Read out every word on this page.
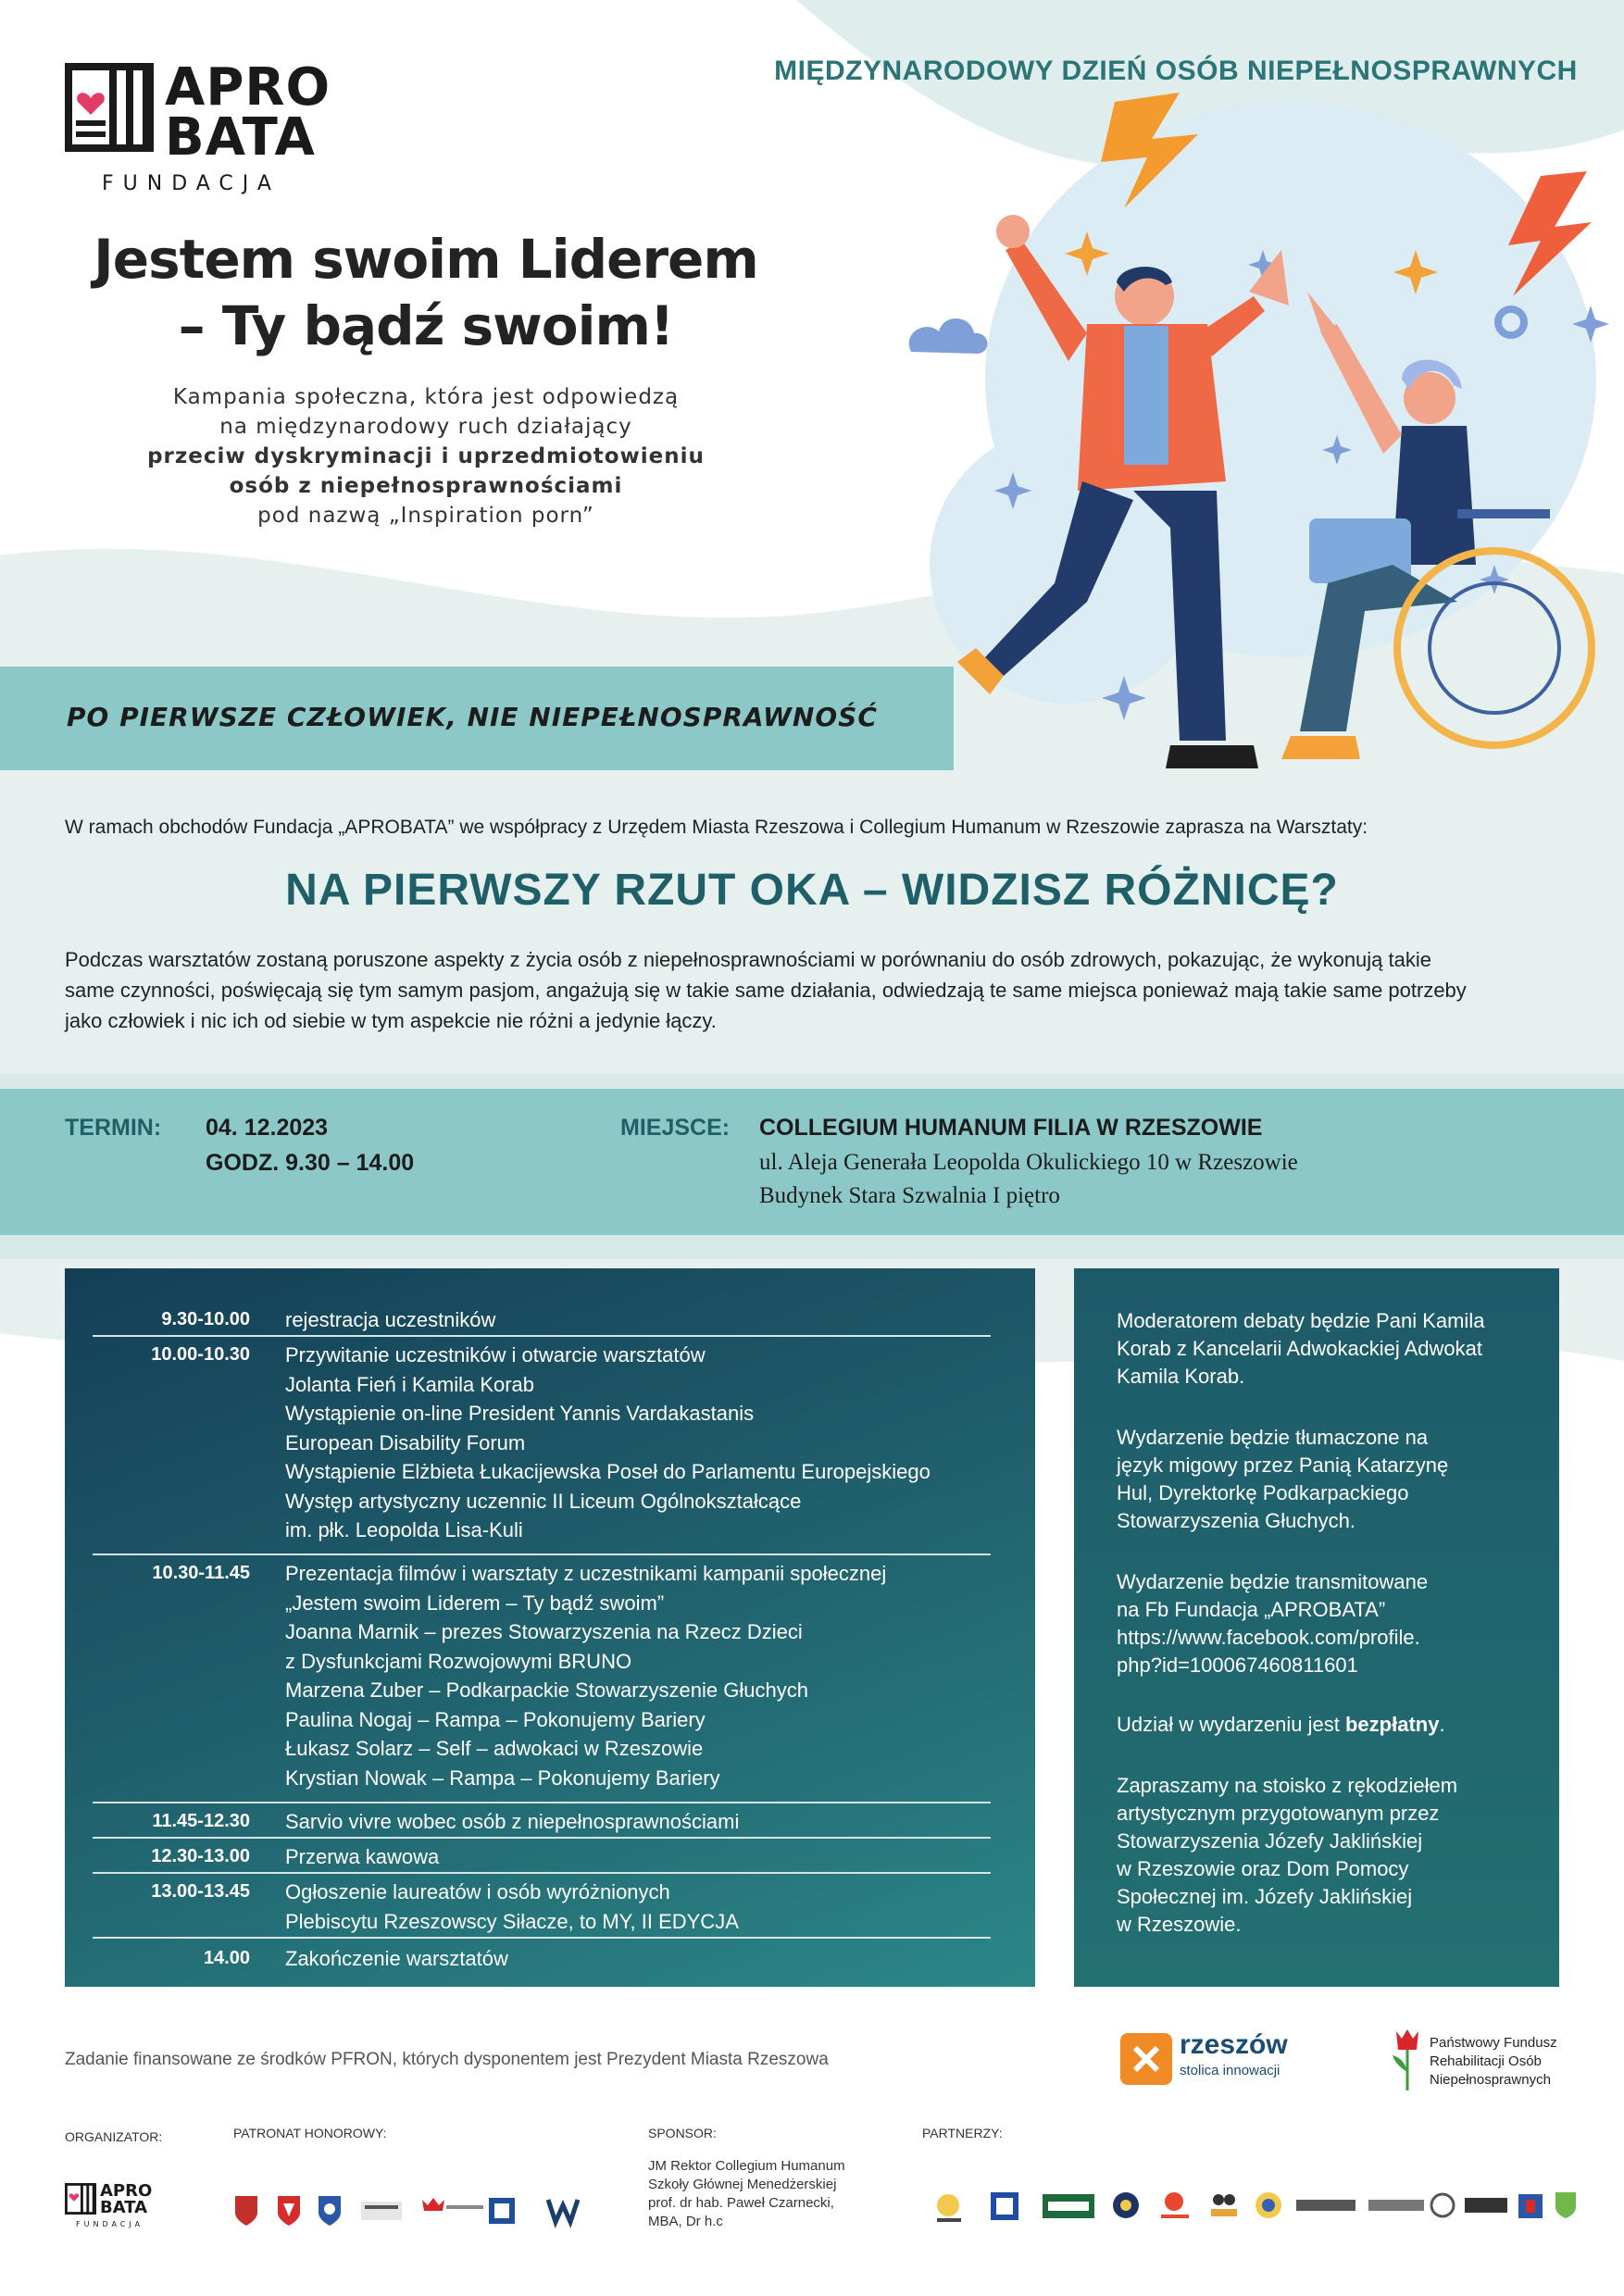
APRO
BATA
FUNDACJA
MIĘDZYNARODOWY DZIEŃ OSÓB NIEPEŁNOSPRAWNYCH
Jestem swoim Liderem
– Ty bądź swoim!
Kampania społeczna, która jest odpowiedzą
na międzynarodowy ruch działający
przeciw dyskryminacji i uprzedmiotowieniu
osób z niepełnosprawnościami
pod nazwą „Inspiration porn”
PO PIERWSZE CZŁOWIEK, NIE NIEPEŁNOSPRAWNOŚĆ
W ramach obchodów Fundacja „APROBATA” we współpracy z Urzędem Miasta Rzeszowa i Collegium Humanum w Rzeszowie zaprasza na Warsztaty:
NA PIERWSZY RZUT OKA – WIDZISZ RÓŻNICĘ?
Podczas warsztatów zostaną poruszone aspekty z życia osób z niepełnosprawnościami w porównaniu do osób zdrowych, pokazując, że wykonują takie
same czynności, poświęcają się tym samym pasjom, angażują się w takie same działania, odwiedzają te same miejsca ponieważ mają takie same potrzeby
jako człowiek i nic ich od siebie w tym aspekcie nie różni a jedynie łączy.
TERMIN: 04. 12.2023
GODZ. 9.30 – 14.00
MIEJSCE: COLLEGIUM HUMANUM FILIA W RZESZOWIE
ul. Aleja Generała Leopolda Okulickiego 10 w Rzeszowie
Budynek Stara Szwalnia I piętro
9.30-10.00 rejestracja uczestników
10.00-10.30 Przywitanie uczestników i otwarcie warsztatów
Jolanta Fień i Kamila Korab
Wystąpienie on-line President Yannis Vardakastanis
European Disability Forum
Wystąpienie Elżbieta Łukacijewska Poseł do Parlamentu Europejskiego
Występ artystyczny uczennic II Liceum Ogólnokształcące
im. płk. Leopolda Lisa-Kuli
10.30-11.45 Prezentacja filmów i warsztaty z uczestnikami kampanii społecznej
„Jestem swoim Liderem – Ty bądź swoim”
Joanna Marnik – prezes Stowarzyszenia na Rzecz Dzieci
z Dysfunkcjami Rozwojowymi BRUNO
Marzena Zuber – Podkarpackie Stowarzyszenie Głuchych
Paulina Nogaj – Rampa – Pokonujemy Bariery
Łukasz Solarz – Self – adwokaci w Rzeszowie
Krystian Nowak – Rampa – Pokonujemy Bariery
11.45-12.30 Sarvio vivre wobec osób z niepełnosprawnościami
12.30-13.00 Przerwa kawowa
13.00-13.45 Ogłoszenie laureatów i osób wyróżnionych
Plebiscytu Rzeszowscy Siłacze, to MY, II EDYCJA
14.00 Zakończenie warsztatów
Moderatorem debaty będzie Pani Kamila
Korab z Kancelarii Adwokackiej Adwokat
Kamila Korab.
Wydarzenie będzie tłumaczone na
język migowy przez Panią Katarzynę
Hul, Dyrektorkę Podkarpackiego
Stowarzyszenia Głuchych.
Wydarzenie będzie transmitowane
na Fb Fundacja „APROBATA”
https://www.facebook.com/profile.
php?id=100067460811601
Udział w wydarzeniu jest bezpłatny.
Zapraszamy na stoisko z rękodziełem
artystycznym przygotowanym przez
Stowarzyszenia Józefy Jaklińskiej
w Rzeszowie oraz Dom Pomocy
Społecznej im. Józefy Jaklińskiej
w Rzeszowie.
Zadanie finansowane ze środków PFRON, których dysponentem jest Prezydent Miasta Rzeszowa	rzeszów
stolica innowacji
Państwowy Fundusz
Rehabilitacji Osób
Niepełnosprawnych
ORGANIZATOR:	PATRONAT HONOROWY:	SPONSOR:	PARTNERZY:
APRO
BATA
FUNDACJA
JM Rektor Collegium Humanum
Szkoły Głównej Menedżerskiej
prof. dr hab. Paweł Czarnecki,
MBA, Dr h.c
